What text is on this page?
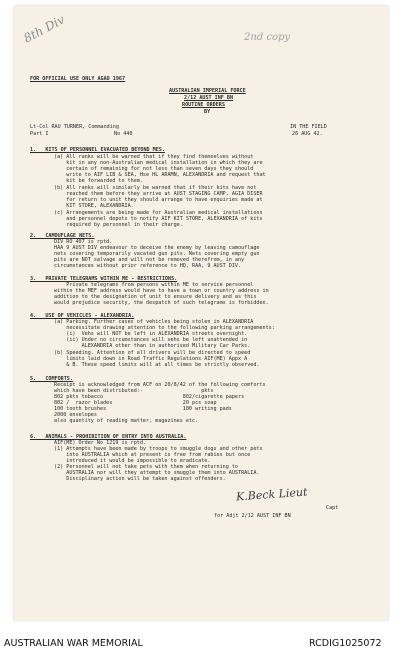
8th Div	2nd copy
FOR OFFICIAL USE ONLY AGAO 1967
AUSTRALIAN IMPERIAL FORCE
2/12 AUST INF BN
ROUTINE ORDERS
BY
Lt-Col RAU TURNER, Commanding	IN THE FIELD
Part I	No 440	26 AUG 42.
1.   KITS OF PERSONNEL EVACUATED BEYOND MES.
(a) All ranks will be warned that if they find themselves without
kit in any non-Australian medical installation in which they are
certain of remaining for not less than seven days they should
write to AIF LIB & SEA, Hse HL ARAMN, ALEXANDRIA and request that
kit be forwarded to them.
(b) All ranks will similarly be warned that if their kits have not
reached them before they arrive at AUST STAGING CAMP, AGIA DISER
for return to unit they should arrange to have enquiries made at
KIT STORE, ALEXANDRIA.
(c) Arrangements are being made for Australian medical installations
and personnel depots to notify AIF KIT STORE, ALEXANDRIA of kits
required by personnel in their charge.
2.   CAMOUFLAGE NETS.
DIV RO 407 is rptd.
HAA 9 AUST DIV endeavour to deceive the enemy by leaving camouflage
nets covering temporarily vacated gun pits. Nets covering empty gun
pits are NOT salvage and will not be removed therefrom, in any
circumstances without prior reference to HQ, RAA, 9 AUST DIV.
3.   PRIVATE TELEGRAMS WITHIN ME - RESTRICTIONS.
Private telegrams from persons within ME to service personnel
within the MEF address would have to have a town or country address in
addition to the designation of unit to ensure delivery and as this
would prejudice security, the despatch of such telegrams is forbidden.
4.   USE OF VEHICLES - ALEXANDRIA.
(a) Parking. Further cases of vehicles being stolen in ALEXANDRIA
necessitate drawing attention to the following parking arrangements:
(i)  Vehs will NOT be left in ALEXANDRIA streets overnight.
(ii) Under no circumstances will vehs be left unattended in
ALEXANDRIA other than in authorised Military Car Parks.
(b) Speeding. Attention of all drivers will be directed to speed
limits laid down in Road Traffic Regulations AIF(ME) Appx A
& B. These speed limits will at all times be strictly observed.
5.   COMFORTS.
Receipt is acknowledged from ACF on 20/8/42 of the following comforts
which have been distributed:-                   pkts
802 pkts tobacco                          802/cigarette papers
802 /  razor blades                       20 pcs soap
100 tooth brushes                         100 writing pads
2000 envelopes
also quantity of reading matter, magazines etc.
6.   ANIMALS - PROHIBITION OF ENTRY INTO AUSTRALIA.
AIF(ME) Order No 1219 is rptd.
(1) Attempts have been made by troops to smuggle dogs and other pets
into AUSTRALIA which at present is free from rabies but once
introduced it would be impossible to eradicate.
(2) Personnel will not take pets with them when returning to
AUSTRALIA nor will they attempt to smuggle them into AUSTRALIA.
Disciplinary action will be taken against offenders.
K.Beck Lieut
Capt
for Adjt 2/12 AUST INF BN
AUSTRALIAN WAR MEMORIAL	RCDIG1025072
